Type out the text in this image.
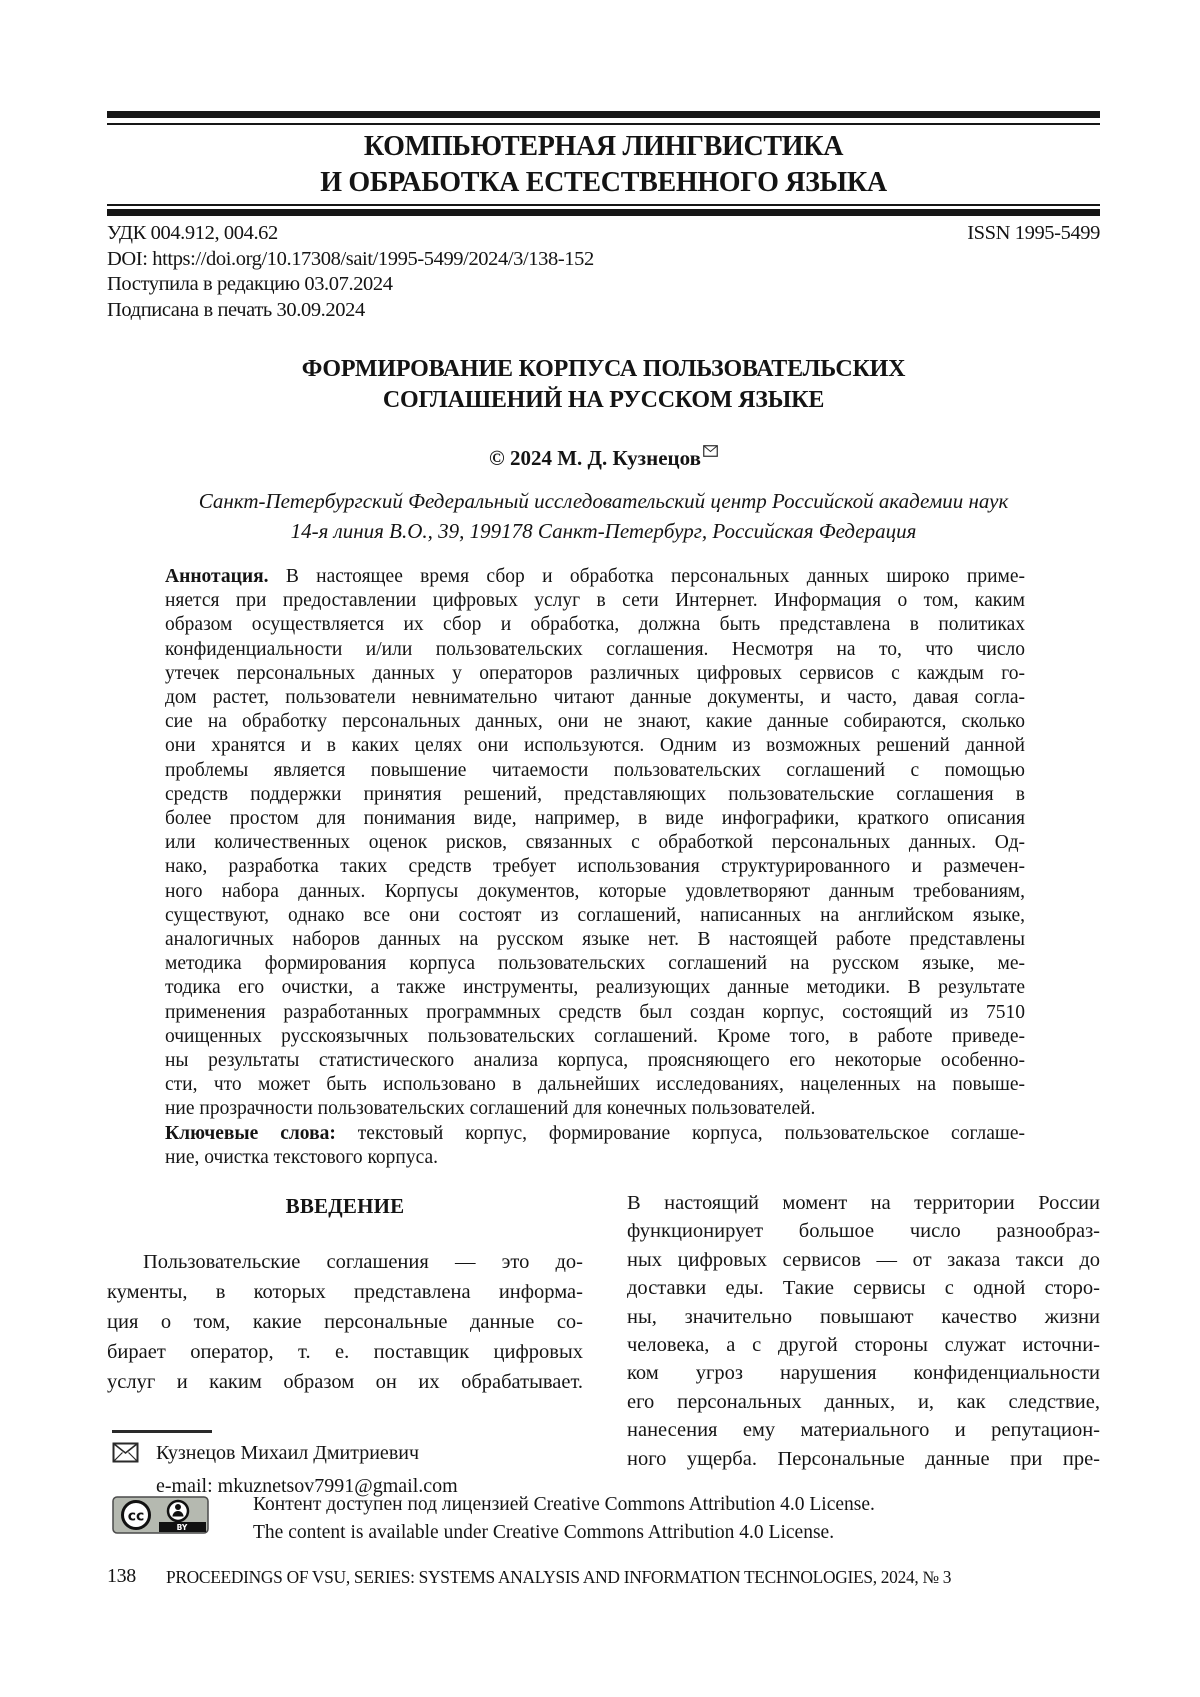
КОМПЬЮТЕРНАЯ ЛИНГВИСТИКА
И ОБРАБОТКА ЕСТЕСТВЕННОГО ЯЗЫКА
УДК 004.912, 004.62	ISSN 1995-5499
DOI: https://doi.org/10.17308/sait/1995-5499/2024/3/138-152
Поступила в редакцию 03.07.2024
Подписана в печать 30.09.2024
ФОРМИРОВАНИЕ КОРПУСА ПОЛЬЗОВАТЕЛЬСКИХ
СОГЛАШЕНИЙ НА РУССКОМ ЯЗЫКЕ
© 2024 М. Д. Кузнецов
Санкт-Петербургский Федеральный исследовательский центр Российской академии наук
14-я линия В.О., 39, 199178 Санкт-Петербург, Российская Федерация
Аннотация. В настоящее время сбор и обработка персональных данных широко приме-
няется при предоставлении цифровых услуг в сети Интернет. Информация о том, каким
образом осуществляется их сбор и обработка, должна быть представлена в политиках
конфиденциальности и/или пользовательских соглашения. Несмотря на то, что число
утечек персональных данных у операторов различных цифровых сервисов с каждым го-
дом растет, пользователи невнимательно читают данные документы, и часто, давая согла-
сие на обработку персональных данных, они не знают, какие данные собираются, сколько
они хранятся и в каких целях они используются. Одним из возможных решений данной
проблемы является повышение читаемости пользовательских соглашений с помощью
средств поддержки принятия решений, представляющих пользовательские соглашения в
более простом для понимания виде, например, в виде инфографики, краткого описания
или количественных оценок рисков, связанных с обработкой персональных данных. Од-
нако, разработка таких средств требует использования структурированного и размечен-
ного набора данных. Корпусы документов, которые удовлетворяют данным требованиям,
существуют, однако все они состоят из соглашений, написанных на английском языке,
аналогичных наборов данных на русском языке нет. В настоящей работе представлены
методика формирования корпуса пользовательских соглашений на русском языке, ме-
тодика его очистки, а также инструменты, реализующих данные методики. В результате
применения разработанных программных средств был создан корпус, состоящий из 7510
очищенных русскоязычных пользовательских соглашений. Кроме того, в работе приведе-
ны результаты статистического анализа корпуса, проясняющего его некоторые особенно-
сти, что может быть использовано в дальнейших исследованиях, нацеленных на повыше-
ние прозрачности пользовательских соглашений для конечных пользователей.
Ключевые слова: текстовый корпус, формирование корпуса, пользовательское соглаше-
ние, очистка текстового корпуса.
ВВЕДЕНИЕ
Пользовательские соглашения — это до-
кументы, в которых представлена информа-
ция о том, какие персональные данные со-
бирает оператор, т. е. поставщик цифровых
услуг и каким образом он их обрабатывает.
В настоящий момент на территории России
функционирует большое число разнообраз-
ных цифровых сервисов — от заказа такси до
доставки еды. Такие сервисы с одной сторо-
ны, значительно повышают качество жизни
человека, а с другой стороны служат источни-
ком угроз нарушения конфиденциальности
его персональных данных, и, как следствие,
нанесения ему материального и репутацион-
ного ущерба. Персональные данные при пре-
Кузнецов Михаил Дмитриевич
e-mail: mkuznetsov7991@gmail.com
cc
BY
Контент доступен под лицензией Creative Commons Attribution 4.0 License.
The content is available under Creative Commons Attribution 4.0 License.
138 PROCEEDINGS OF VSU, SERIES: SYSTEMS ANALYSIS AND INFORMATION TECHNOLOGIES, 2024, № 3
